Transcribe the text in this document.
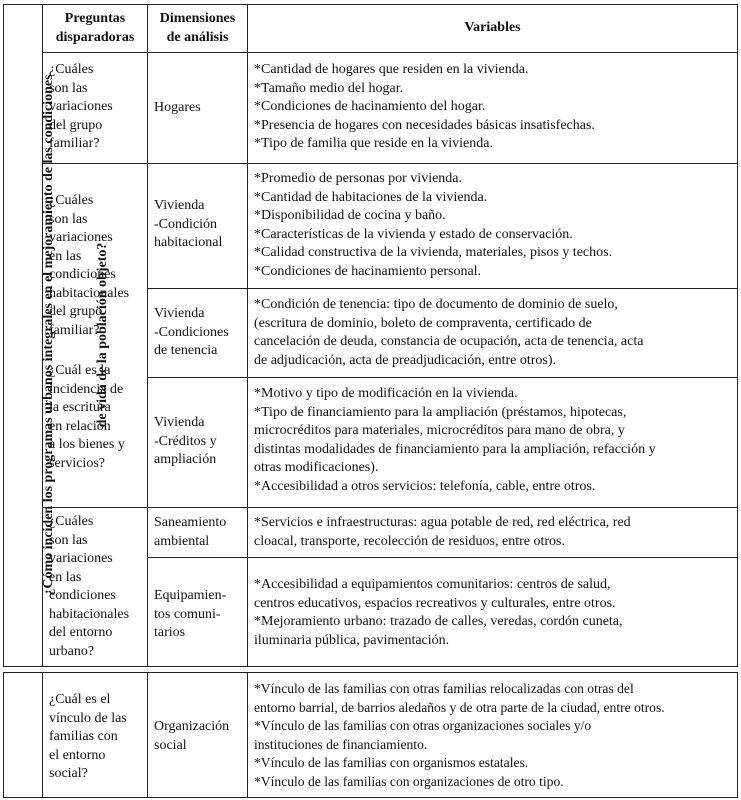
¿Cómo inciden los programas urbanos integrales en el mejoramiento de las condiciones

	de vida de la población objeto?

Preguntas
disparadoras
Dimensiones
de análisis
Variables
¿Cuáles
son las
variaciones
del grupo
familiar?
¿Cuáles
son las
variaciones
en las
condiciones
habitacionales
del grupo
familiar?
¿Cuál es la
incidencia de
la escritura
en relación
a los bienes y
servicios?
¿Cuáles
son las
variaciones
en las
condiciones
habitacionales
del entorno
urbano?
¿Cuál es el
vínculo de las
familias con
el entorno
social?
Hogares
Vivienda
-Condición
habitacional
Vivienda
-Condiciones
de tenencia
Vivienda
-Créditos y
ampliación
Saneamiento
ambiental
Equipamien-
tos comuni-
tarios
Organización
social
*Cantidad de hogares que residen en la vivienda.
*Tamaño medio del hogar.
*Condiciones de hacinamiento del hogar.
*Presencia de hogares con necesidades básicas insatisfechas.
*Tipo de familia que reside en la vivienda.
*Promedio de personas por vivienda.
*Cantidad de habitaciones de la vivienda.
*Disponibilidad de cocina y baño.
*Características de la vivienda y estado de conservación.
*Calidad constructiva de la vivienda, materiales, pisos y techos.
*Condiciones de hacinamiento personal.
*Condición de tenencia: tipo de documento de dominio de suelo,
(escritura de dominio, boleto de compraventa, certificado de
cancelación de deuda, constancia de ocupación, acta de tenencia, acta
de adjudicación, acta de preadjudicación, entre otros).
*Motivo y tipo de modificación en la vivienda.
*Tipo de financiamiento para la ampliación (préstamos, hipotecas,
microcréditos para materiales, microcréditos para mano de obra, y
distintas modalidades de financiamiento para la ampliación, refacción y
otras modificaciones).
*Accesibilidad a otros servicios: telefonía, cable, entre otros.
*Servicios e infraestructuras: agua potable de red, red eléctrica, red
cloacal, transporte, recolección de residuos, entre otros.
*Accesibilidad a equipamientos comunitarios: centros de salud,
centros educativos, espacios recreativos y culturales, entre otros.
*Mejoramiento urbano: trazado de calles, veredas, cordón cuneta,
iluminaria pública, pavimentación.
*Vínculo de las familias con otras familias relocalizadas con otras del
entorno barrial, de barrios aledaños y de otra parte de la ciudad, entre otros.
*Vínculo de las familias con otras organizaciones sociales y/o
instituciones de financiamiento.
*Vínculo de las familias con organismos estatales.
*Vínculo de las familias con organizaciones de otro tipo.
